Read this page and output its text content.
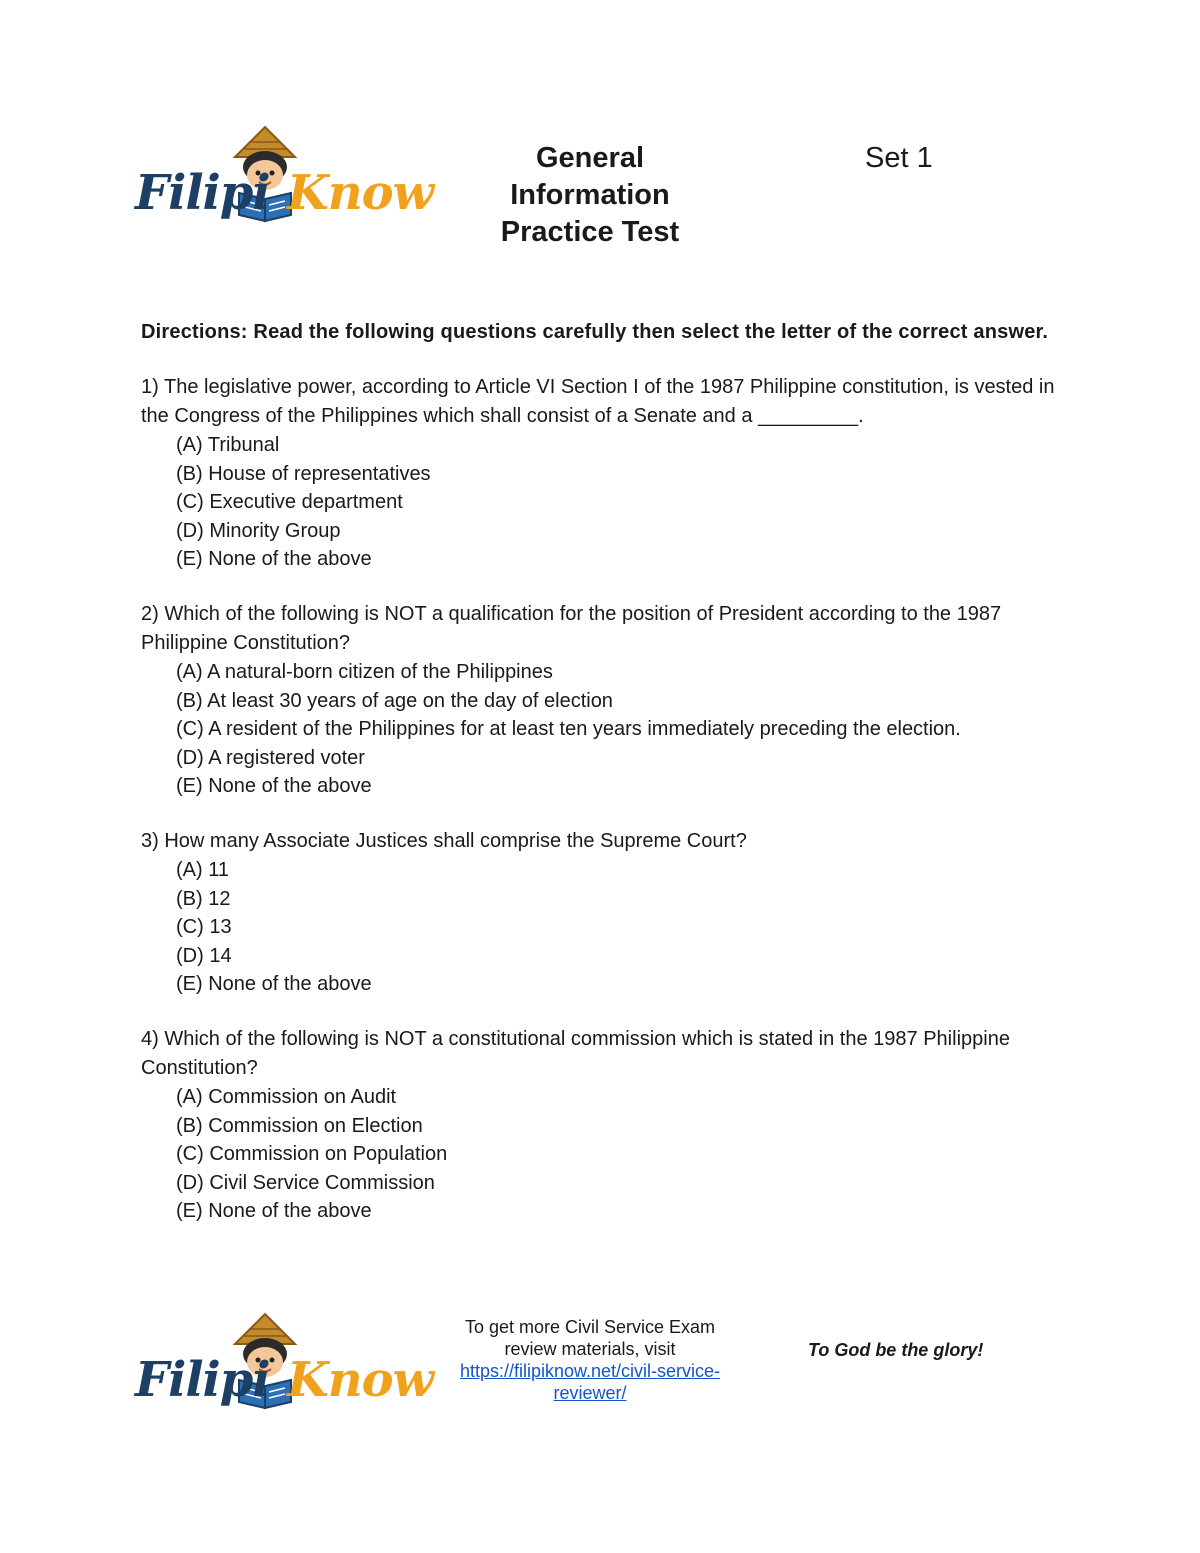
Filipi Know
General
Information
Practice Test
Set 1

Directions: Read the following questions carefully then select the letter of the correct answer.

1) The legislative power, according to Article VI Section I of the 1987 Philippine constitution, is vested in the Congress of the Philippines which shall consist of a Senate and a _________.

(A) Tribunal
(B) House of representatives
(C) Executive department
(D) Minority Group
(E) None of the above

2) Which of the following is NOT a qualification for the position of President according to the 1987 Philippine Constitution?

(A) A natural-born citizen of the Philippines
(B) At least 30 years of age on the day of election
(C) A resident of the Philippines for at least ten years immediately preceding the election.
(D) A registered voter
(E) None of the above

3) How many Associate Justices shall comprise the Supreme Court?

(A) 11
(B) 12
(C) 13
(D) 14
(E) None of the above

4) Which of the following is NOT a constitutional commission which is stated in the 1987 Philippine Constitution?

(A) Commission on Audit
(B) Commission on Election
(C) Commission on Population
(D) Civil Service Commission
(E) None of the above
Filipi Know
To get more Civil Service Exam
review materials, visit
https://filipiknow.net/civil-service-
reviewer/
To God be the glory!
